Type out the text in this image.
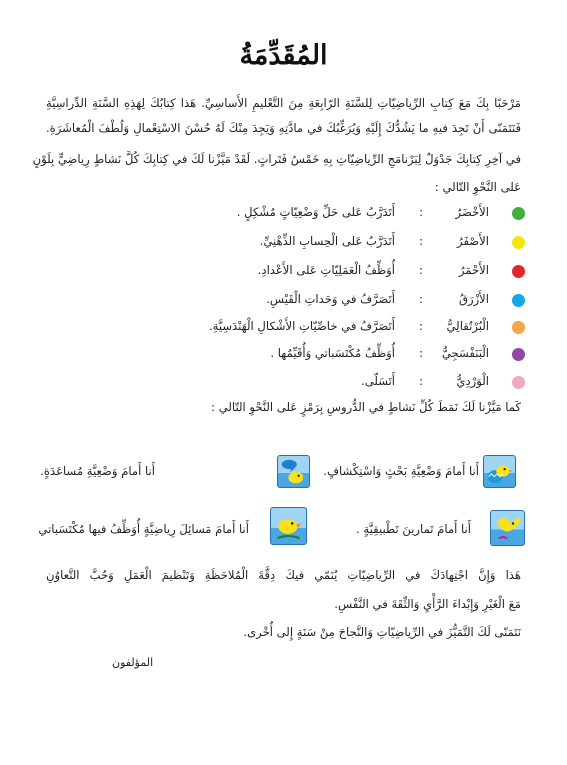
المُقَدِّمَةُ
مَرْحَبًا بِكَ مَعَ كِتابِ الرِّياضِيّاتِ لِلسَّنَةِ الرّابِعَةِ مِنَ التَّعْليمِ الأَساسِيِّ. هَذا كِتابُكَ لِهَذِهِ السَّنَةِ الدِّراسِيَّةِ
فَنَتَمَنّى أَنْ تَجِدَ فيهِ ما يَشُدُّكَ إِلَيْهِ وَيُرَغِّبُكَ في مادَّتِهِ وَيَجِدَ مِنْكَ لَهُ حُسْنَ الاسْتِعْمالِ وَلُطْفَ الْمُعاشَرَةِ.
في آخِرِ كِتابِكَ جَدْوَلٌ لِبَرْنامَجِ الرِّياضِيّاتِ بِهِ خَمْسُ فَتَراتٍ. لَقَدْ مَيَّزْنا لَكَ في كِتابِكَ كُلَّ نَشاطٍ رِياضِيٍّ بِلَوْنٍ
عَلى النَّحْوِ التّالي :
الأَخْضَرُ
:
أَتَدَرَّبُ عَلى حَلِّ وَضْعِيّاتٍ مُشْكِلٍ .
الأَصْفَرُ
:
أَتَدَرَّبُ عَلى الْحِسابِ الذِّهْنِيِّ.
الأَحْمَرُ
:
أُوَظِّفُ الْعَمَلِيّاتِ عَلى الأَعْدادِ.
الأَزْرَقُ
:
أَتَصَرَّفُ في وَحَداتِ الْقَيْسِ.
الْبُرْتُقالِيُّ
:
أَتَصَرَّفُ في خاصِّيّاتِ الأَشْكالِ الْهَنْدَسِيَّةِ.
الْبَنَفْسَجِيُّ
:
أُوَظِّفُ مُكْتَسَباتي وَأُقَيِّمُها .
الْوَرْدِيُّ
:
أَتَسَلّى.
كَما مَيَّزْنا لَكَ نَمَطَ كُلِّ نَشاطٍ في الدُّروسِ بِرَمْزٍ عَلى النَّحْوِ التّالي :
أَنا أَمامَ وَضْعِيَّةِ بَحْثٍ وَاسْتِكْشافٍ.
أَنا أَمامَ وَضْعِيَّةِ مُساعَدَةٍ.
أَنا أَمامَ تَمارينَ تَطْبيقِيَّةٍ .
أَنا أَمامَ مَسائِلَ رِياضِيَّةٍ أُوَظِّفُ فيها مُكْتَسَباتي
هَذا وَإِنَّ اجْتِهادَكَ في الرِّياضِيّاتِ يُنَمّي فيكَ دِقَّةَ الْمُلاحَظَةِ وَتَنْظيمَ الْعَمَلِ وَحُبَّ التَّعاوُنِ
مَعَ الْغَيْرِ وَإِبْداءَ الرَّأْيِ وَالثِّقَةَ في النَّفْسِ.
نَتَمَنّى لَكَ التَّمَيُّزَ في الرِّياضِيّاتِ وَالنَّجاحَ مِنْ سَنَةٍ إِلى أُخْرى.
المؤلفون
